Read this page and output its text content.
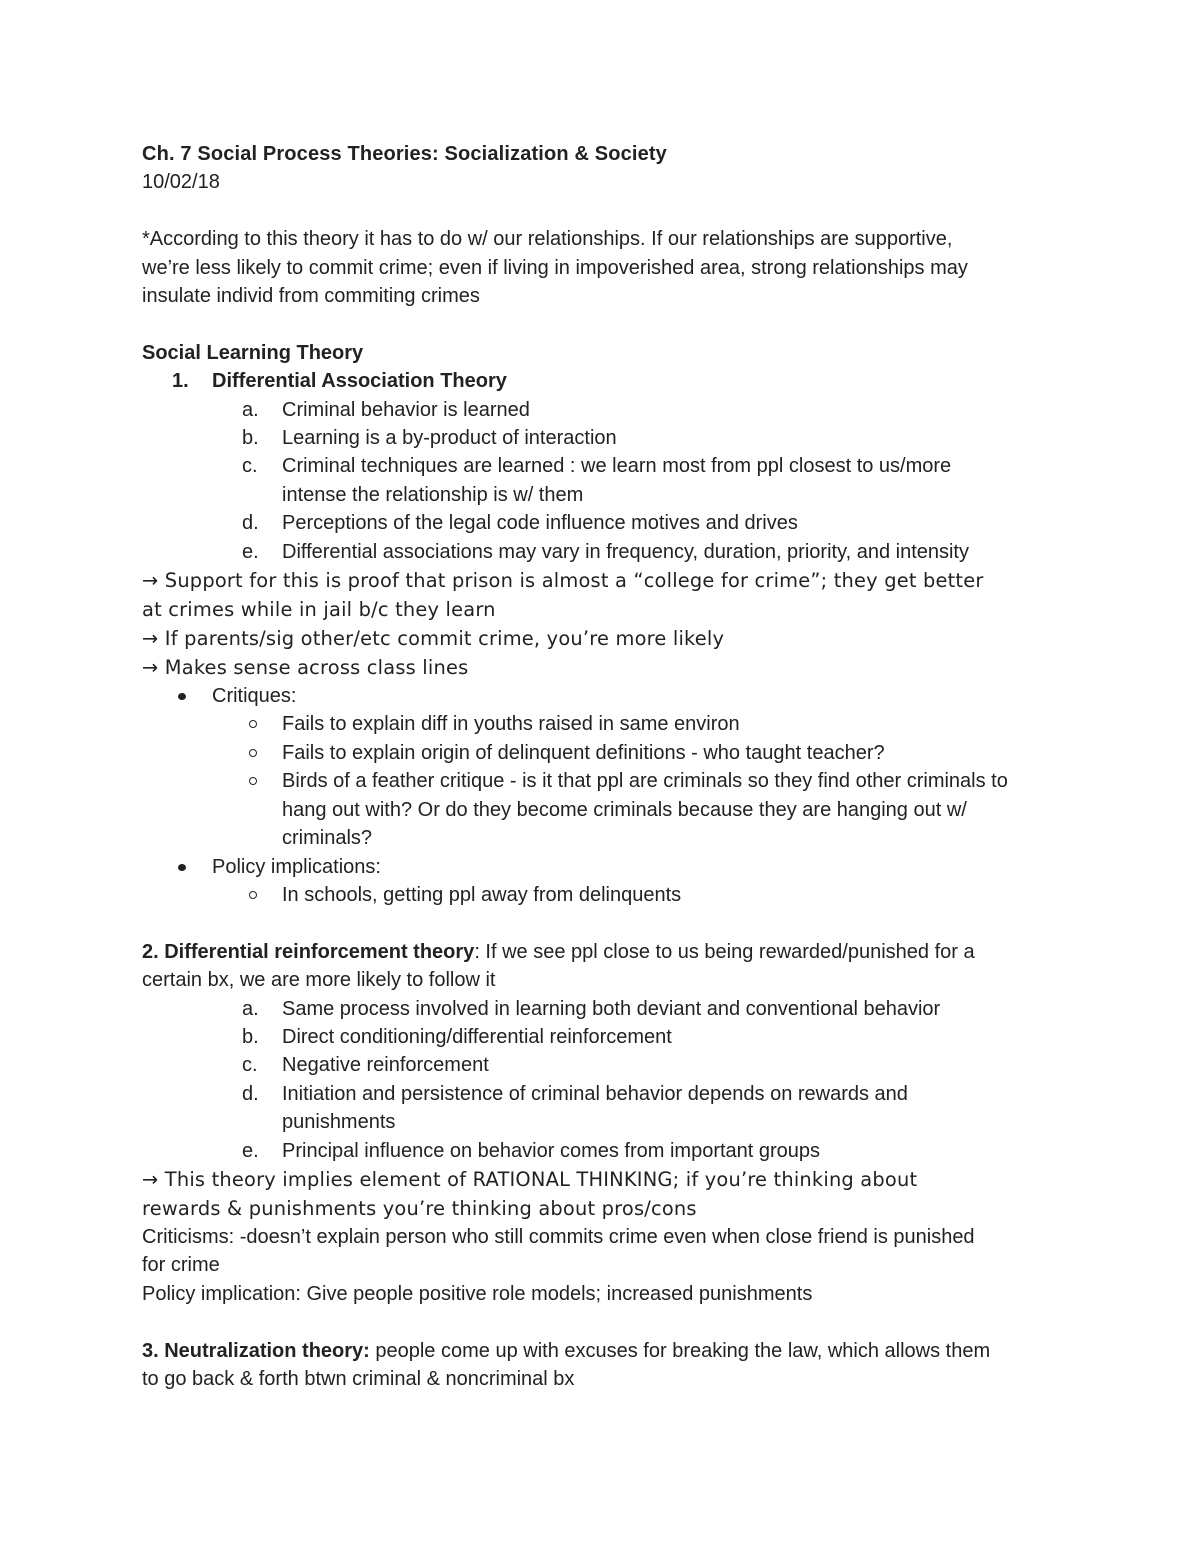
Ch. 7 Social Process Theories: Socialization & Society

10/02/18

*According to this theory it has to do w/ our relationships. If our relationships are supportive,

we’re less likely to commit crime; even if living in impoverished area, strong relationships may

insulate individ from commiting crimes

Social Learning Theory

1.	Differential Association Theory
a.	Criminal behavior is learned
b.	Learning is a by-product of interaction
c.	Criminal techniques are learned : we learn most from ppl closest to us/more intense the relationship is w/ them
d.	Perceptions of the legal code influence motives and drives
e.	Differential associations may vary in frequency, duration, priority, and intensity

→ Support for this is proof that prison is almost a “college for crime”; they get better

at crimes while in jail b/c they learn

→ If parents/sig other/etc commit crime, you’re more likely

→ Makes sense across class lines

Critiques:
Fails to explain diff in youths raised in same environ
Fails to explain origin of delinquent definitions - who taught teacher?
Birds of a feather critique - is it that ppl are criminals so they find other criminals to hang out with? Or do they become criminals because they are hanging out w/ criminals?
Policy implications:
In schools, getting ppl away from delinquents

2. Differential reinforcement theory: If we see ppl close to us being rewarded/punished for a

certain bx, we are more likely to follow it

a.	Same process involved in learning both deviant and conventional behavior
b.	Direct conditioning/differential reinforcement
c.	Negative reinforcement
d.	Initiation and persistence of criminal behavior depends on rewards and punishments
e.	Principal influence on behavior comes from important groups

→ This theory implies element of RATIONAL THINKING; if you’re thinking about

rewards & punishments you’re thinking about pros/cons

Criticisms: -doesn’t explain person who still commits crime even when close friend is punished

for crime

Policy implication: Give people positive role models; increased punishments

3. Neutralization theory: people come up with excuses for breaking the law, which allows them

to go back & forth btwn criminal & noncriminal bx
